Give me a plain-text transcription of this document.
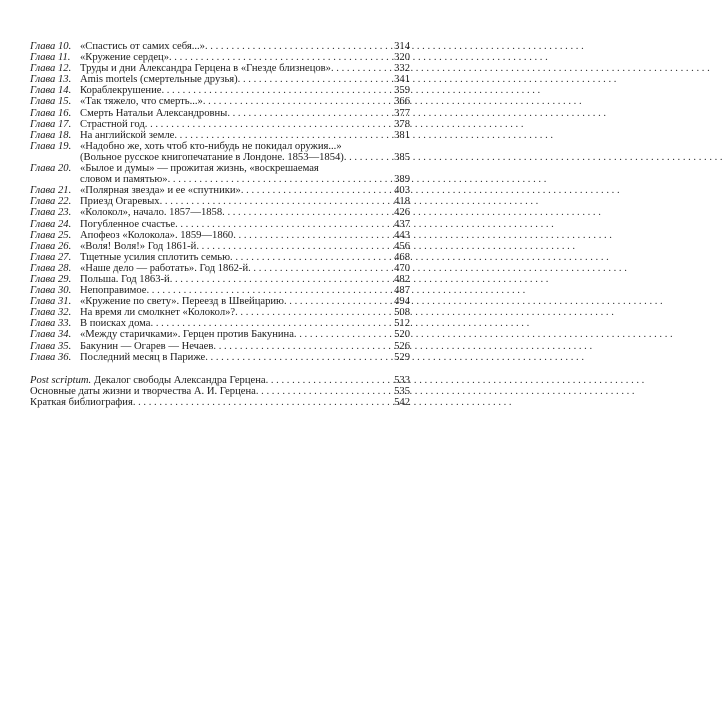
Глава 10. «Спастись от самих себя...» . . .	314
Глава 11. «Кружение сердец» . . .	320
Глава 12. Труды и дни Александра Герцена в «Гнезде близнецов» . . .	332
Глава 13. Amis mortels (смертельные друзья) . . .	341
Глава 14. Кораблекрушение . . .	359
Глава 15. «Так тяжело, что смерть...» . . .	366
Глава 16. Смерть Натальи Александровны . . .	377
Глава 17. Страстной год . . .	378
Глава 18. На английской земле . . .	381
Глава 19. «Надобно же, хоть чтоб кто-нибудь не покидал оружия...»
(Вольное русское книгопечатание в Лондоне. 1853—1854) . . .	385
Глава 20. «Былое и думы» — прожитая жизнь, «воскрешаемая
словом и памятью» . . .	389
Глава 21. «Полярная звезда» и ее «спутники» . . .	403
Глава 22. Приезд Огаревых . . .	418
Глава 23. «Колокол», начало. 1857—1858 . . .	426
Глава 24. Погубленное счастье . . .	437
Глава 25. Апофеоз «Колокола». 1859—1860 . . .	443
Глава 26. «Воля! Воля!» Год 1861-й . . .	456
Глава 27. Тщетные усилия сплотить семью . . .	468
Глава 28. «Наше дело — работать». Год 1862-й . . .	470
Глава 29. Польша. Год 1863-й . . .	482
Глава 30. Непоправимое . . .	487
Глава 31. «Кружение по свету». Переезд в Швейцарию . . .	494
Глава 32. На время ли смолкнет «Колокол»? . . .	508
Глава 33. В поисках дома . . .	512
Глава 34. «Между старичками». Герцен против Бакунина . . .	520
Глава 35. Бакунин — Огарев — Нечаев . . .	526
Глава 36. Последний месяц в Париже . . .	529
Post scriptum. Декалог свободы Александра Герцена . . .	533
Основные даты жизни и творчества А. И. Герцена . . .	535
Краткая библиография . . .	542
